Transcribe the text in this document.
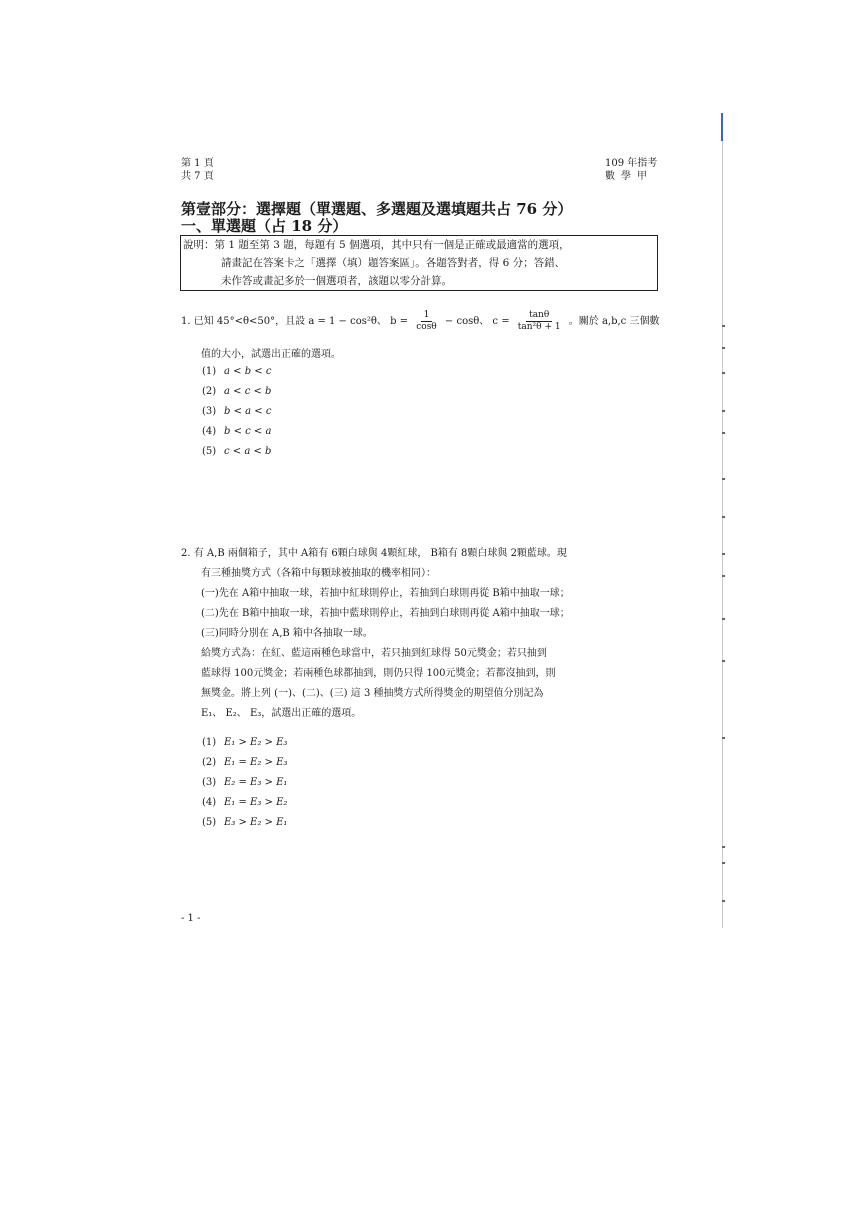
第 1 頁
共 7 頁
109 年指考
數學甲
第壹部分：選擇題（單選題、多選題及選填題共占 76 分）
一、單選題（占 18 分）
說明：第 1 題至第 3 題，每題有 5 個選項，其中只有一個是正確或最適當的選項，
請畫記在答案卡之「選擇（填）題答案區」。各題答對者，得 6 分；答錯、
未作答或畫記多於一個選項者，該題以零分計算。
1. 已知 45°<θ<50°，且設 a = 1 − cos²θ、 $b = \frac{1}{\cos\theta} - \cos\theta$、 $c = \frac{\tan\theta}{\text{tan²θ + 1}}$ 。關於 a,b,c 三個數
值的大小，試選出正確的選項。
(1) a < b < c
(2) a < c < b
(3) b < a < c
(4) b < c < a
(5) c < a < b
2. 有 A,B 兩個箱子，其中 A箱有 6顆白球與 4顆紅球， B箱有 8顆白球與 2顆藍球。現
有三種抽獎方式（各箱中每顆球被抽取的機率相同）：
(一)先在 A箱中抽取一球，若抽中紅球則停止，若抽到白球則再從 B箱中抽取一球；
(二)先在 B箱中抽取一球，若抽中藍球則停止，若抽到白球則再從 A箱中抽取一球；
(三)同時分別在 A,B 箱中各抽取一球。
給獎方式為：在紅、藍這兩種色球當中，若只抽到紅球得 50元獎金；若只抽到
藍球得 100元獎金；若兩種色球都抽到，則仍只得 100元獎金；若都沒抽到，則
無獎金。將上列 (一)、(二)、(三) 這 3 種抽獎方式所得獎金的期望值分別記為
E₁、 E₂、 E₃，試選出正確的選項。
(1) E₁ > E₂ > E₃
(2) E₁ = E₂ > E₃
(3) E₂ = E₃ > E₁
(4) E₁ = E₃ > E₂
(5) E₃ > E₂ > E₁
- 1 -
